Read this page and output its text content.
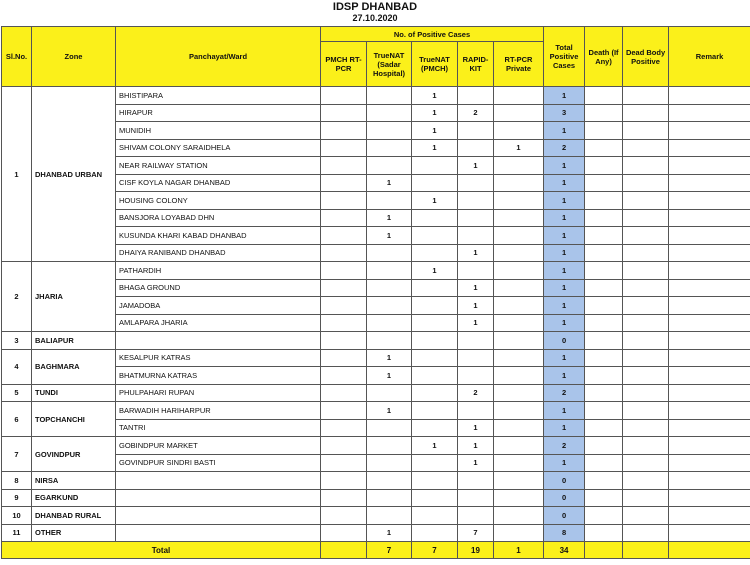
IDSP DHANBAD
27.10.2020
Sl.No.	Zone	Panchayat/Ward	No. of Positive Cases					Total Positive Cases	Death (If Any)	Dead Body Positive	Remark
			PMCH RT-PCR	TrueNAT (Sadar Hospital)	TrueNAT (PMCH)	RAPID-KIT	RT-PCR Private				
1	DHANBAD URBAN	BHISTIPARA			1			1			
		HIRAPUR			1	2		3			
		MUNIDIH			1			1			
		SHIVAM COLONY SARAIDHELA			1		1	2			
		NEAR RAILWAY STATION				1		1			
		CISF KOYLA NAGAR DHANBAD		1				1			
		HOUSING COLONY			1			1			
		BANSJORA LOYABAD DHN		1				1			
		KUSUNDA KHARI KABAD DHANBAD		1				1			
		DHAIYA RANIBAND DHANBAD				1		1			
2	JHARIA	PATHARDIH			1			1			
		BHAGA GROUND				1		1			
		JAMADOBA				1		1			
		AMLAPARA JHARIA				1		1			
3	BALIAPUR							0			
4	BAGHMARA	KESALPUR KATRAS		1				1			
		BHATMURNA KATRAS		1				1			
5	TUNDI	PHULPAHARI RUPAN				2		2			
6	TOPCHANCHI	BARWADIH HARIHARPUR		1				1			
		TANTRI				1		1			
7	GOVINDPUR	GOBINDPUR MARKET			1	1		2			
		GOVINDPUR SINDRI BASTI				1		1			
8	NIRSA							0			
9	EGARKUND							0			
10	DHANBAD RURAL							0			
11	OTHER			1		7		8			
Total				7	7	19	1	34			
